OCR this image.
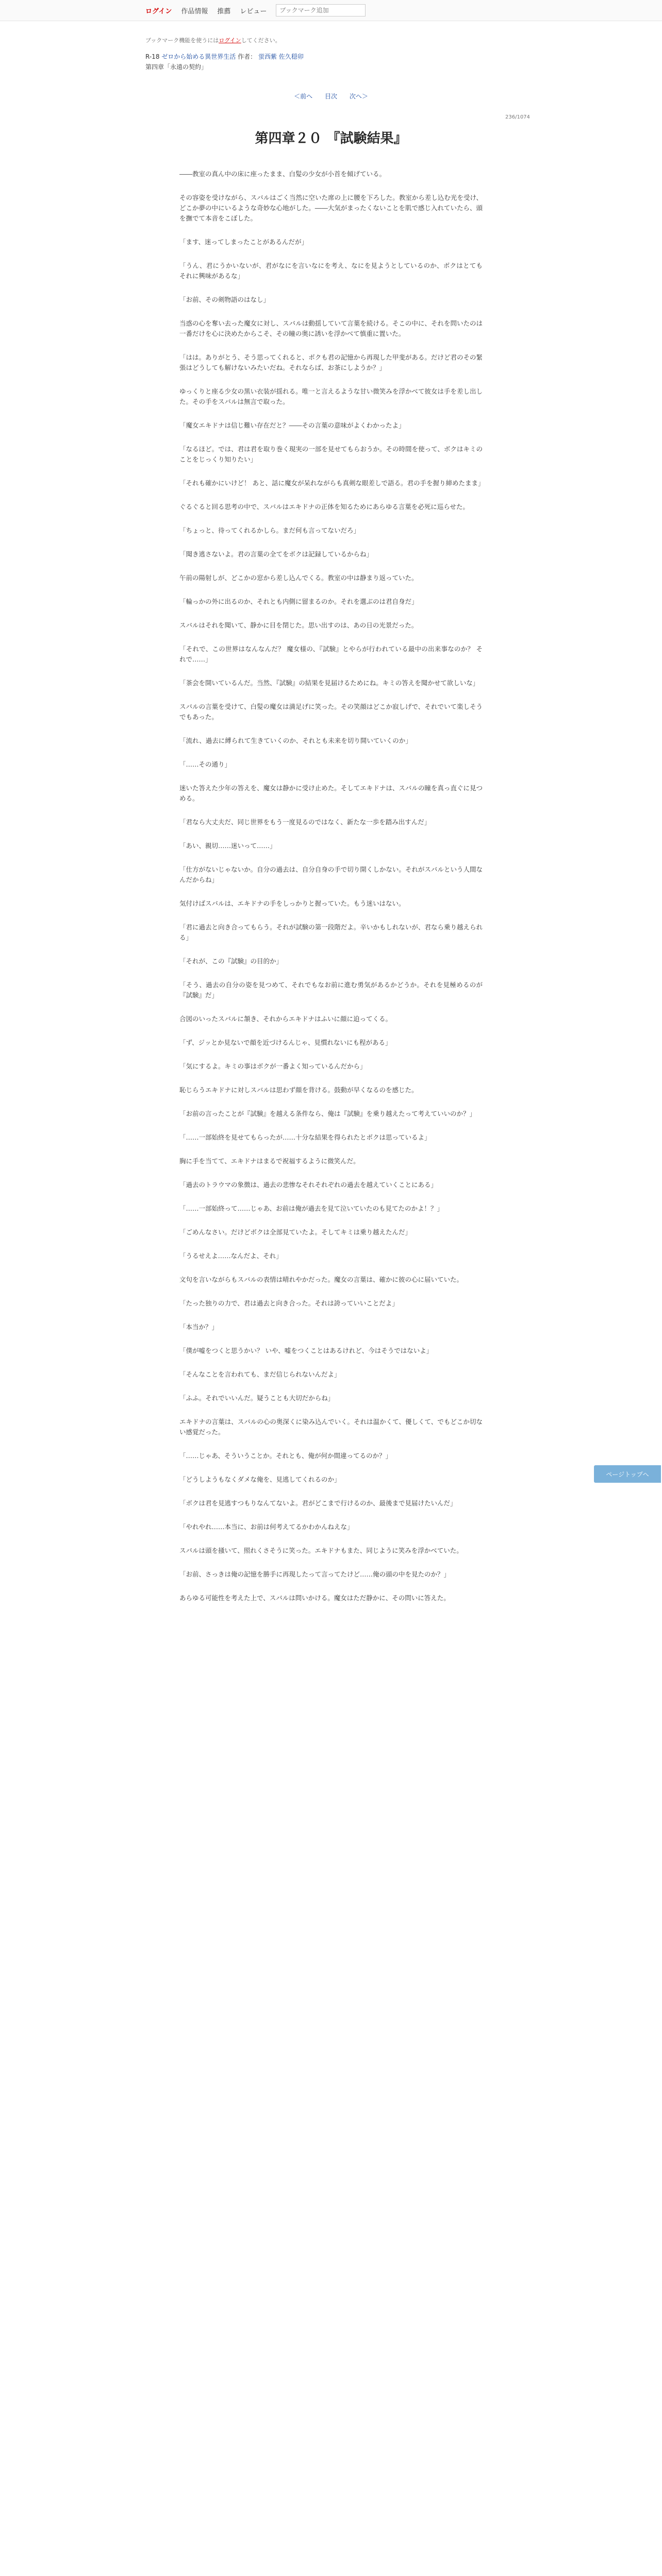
ログイン 作品情報 推薦 レビュー
ブックマーク追加
ブックマーク機能を使うにはログインしてください。
R-18 ゼロから始める異世界生活 作者： 蛍西紫 佐久穏卯
第四章「永遠の契約」
＜前へ 目次 次へ＞
236/1074
第四章２０ 『試験結果』

――教室の真ん中の床に座ったまま、白髪の少女が小首を傾げている。

その容姿を受けながら、スバルはごく当然に空いた席の上に腰を下ろした。教室から差し込む光を受け、どこか夢の中にいるような奇妙な心地がした。――大気がまったくないことを肌で感じ入れていたら、頭を撫でて本音をこぼした。

「ます、迷ってしまったことがあるんだが」

「うん、君にうかいないが、君がなにを言いなにを考え、なにを見ようとしているのか、ボクはとてもそれに興味があるな」

「お前、その剣物語のはなし」

当惑の心を奪い去った魔女に対し、スバルは動揺していて言葉を続ける。そこの中に、それを問いたのは一番だけを心に決めたからこそ、その瞳の奥に誘いを浮かべて慎重に置いた。

「はは。ありがとう、そう思ってくれると、ボクも君の記憶から再現した甲斐がある。だけど君のその緊張はどうしても解けないみたいだね。それならば、お茶にしようか？」

ゆっくりと座る少女の黒い衣装が揺れる。唯一と言えるような甘い微笑みを浮かべて彼女は手を差し出した。その手をスバルは無言で取った。

「魔女エキドナは信じ難い存在だと？――その言葉の意味がよくわかったよ」

「なるほど。では、君は君を取り巻く現実の一部を見せてもらおうか。その時間を使って、ボクはキミのことをじっくり知りたい」

「それも確かにいけど！ あと、話に魔女が呆れながらも真剣な眼差しで語る。君の手を握り締めたまま」

ぐるぐると回る思考の中で、スバルはエキドナの正体を知るためにあらゆる言葉を必死に巡らせた。

「ちょっと、待ってくれるかしら。まだ何も言ってないだろ」

「聞き逃さないよ。君の言葉の全てをボクは記録しているからね」

午前の陽射しが、どこかの窓から差し込んでくる。教室の中は静まり返っていた。

「輪っかの外に出るのか、それとも内側に留まるのか。それを選ぶのは君自身だ」

スバルはそれを聞いて、静かに目を閉じた。思い出すのは、あの日の光景だった。

「それで、この世界はなんなんだ？ 魔女様の、『試験』とやらが行われている最中の出来事なのか？ それで……」

「茶会を開いているんだ。当然、『試験』の結果を見届けるためにね。キミの答えを聞かせて欲しいな」

スバルの言葉を受けて、白髪の魔女は満足げに笑った。その笑顔はどこか寂しげで、それでいて楽しそうでもあった。

「流れ、過去に縛られて生きていくのか、それとも未来を切り開いていくのか」

「……その通り」

迷いた答えた少年の答えを、魔女は静かに受け止めた。そしてエキドナは、スバルの瞳を真っ直ぐに見つめる。

「君なら大丈夫だ、同じ世界をもう一度見るのではなく、新たな一歩を踏み出すんだ」

「あい、親切……迷いって……」

「仕方がないじゃないか。自分の過去は、自分自身の手で切り開くしかない。それがスバルという人間なんだからね」

気付けばスバルは、エキドナの手をしっかりと握っていた。もう迷いはない。

「君に過去と向き合ってもらう。それが試験の第一段階だよ。辛いかもしれないが、君なら乗り越えられる」

「それが、この『試験』の目的か」

「そう、過去の自分の姿を見つめて、それでもなお前に進む勇気があるかどうか。それを見極めるのが『試験』だ」

合図のいったスバルに頷き、それからエキドナはふいに顔に迫ってくる。

「ず、ジッとか見ないで顔を近づけるんじゃ、見慣れないにも程がある」

「気にするよ。キミの事はボクが一番よく知っているんだから」

恥じらうエキドナに対しスバルは思わず顔を背ける。鼓動が早くなるのを感じた。

「お前の言ったことが『試験』を越える条件なら、俺は『試験』を乗り越えたって考えていいのか？」

「……一部始終を見せてもらったが……十分な結果を得られたとボクは思っているよ」

胸に手を当てて、エキドナはまるで祝福するように微笑んだ。

「過去のトラウマの象徴は、過去の悲惨なそれそれぞれの過去を越えていくことにある」

「……一部始終って……じゃあ、お前は俺が過去を見て泣いていたのも見てたのかよ！？」

「ごめんなさい。だけどボクは全部見ていたよ。そしてキミは乗り越えたんだ」

「うるせえよ……なんだよ、それ」

文句を言いながらもスバルの表情は晴れやかだった。魔女の言葉は、確かに彼の心に届いていた。

「たった独りの力で、君は過去と向き合った。それは誇っていいことだよ」

「本当か？」

「僕が嘘をつくと思うかい？ いや、嘘をつくことはあるけれど、今はそうではないよ」

「そんなことを言われても、まだ信じられないんだよ」

「ふふ。それでいいんだ。疑うことも大切だからね」

エキドナの言葉は、スバルの心の奥深くに染み込んでいく。それは温かくて、優しくて、でもどこか切ない感覚だった。

「……じゃあ、そういうことか。それとも、俺が何か間違ってるのか？」

「どうしようもなくダメな俺を、見逃してくれるのか」

「ボクは君を見逃すつもりなんてないよ。君がどこまで行けるのか、最後まで見届けたいんだ」

「やれやれ……本当に、お前は何考えてるかわかんねえな」

スバルは頭を掻いて、照れくさそうに笑った。エキドナもまた、同じように笑みを浮かべていた。

「お前、さっきは俺の記憶を勝手に再現したって言ってたけど……俺の頭の中を見たのか？」

あらゆる可能性を考えた上で、スバルは問いかける。魔女はただ静かに、その問いに答えた。

ページトップへ
